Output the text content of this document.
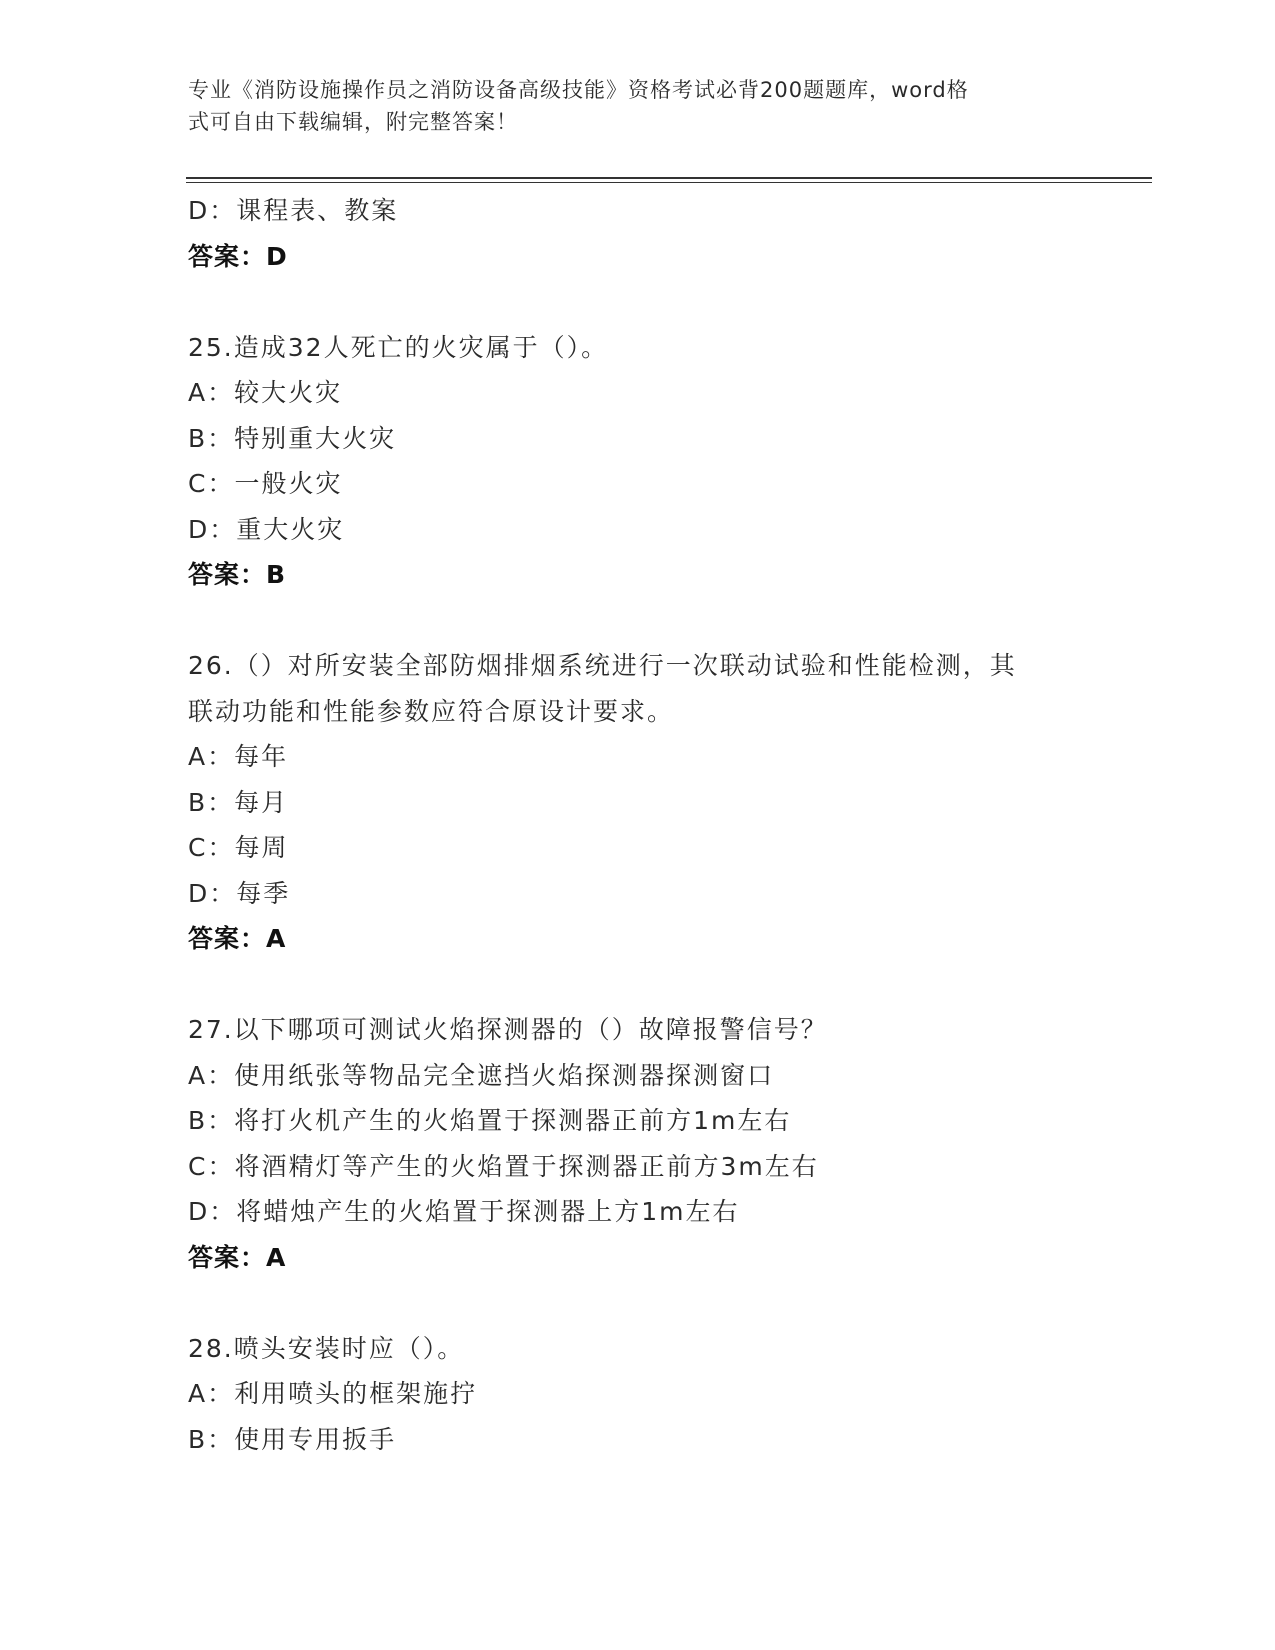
专业《消防设施操作员之消防设备高级技能》资格考试必背200题题库，word格
式可自由下载编辑，附完整答案！
D：课程表、教案
答案：D
25.造成32人死亡的火灾属于（）。
A：较大火灾
B：特别重大火灾
C：一般火灾
D：重大火灾
答案：B
26.（）对所安装全部防烟排烟系统进行一次联动试验和性能检测，其
联动功能和性能参数应符合原设计要求。
A：每年
B：每月
C：每周
D：每季
答案：A
27.以下哪项可测试火焰探测器的（）故障报警信号？
A：使用纸张等物品完全遮挡火焰探测器探测窗口
B：将打火机产生的火焰置于探测器正前方1m左右
C：将酒精灯等产生的火焰置于探测器正前方3m左右
D：将蜡烛产生的火焰置于探测器上方1m左右
答案：A
28.喷头安装时应（）。
A：利用喷头的框架施拧
B：使用专用扳手
